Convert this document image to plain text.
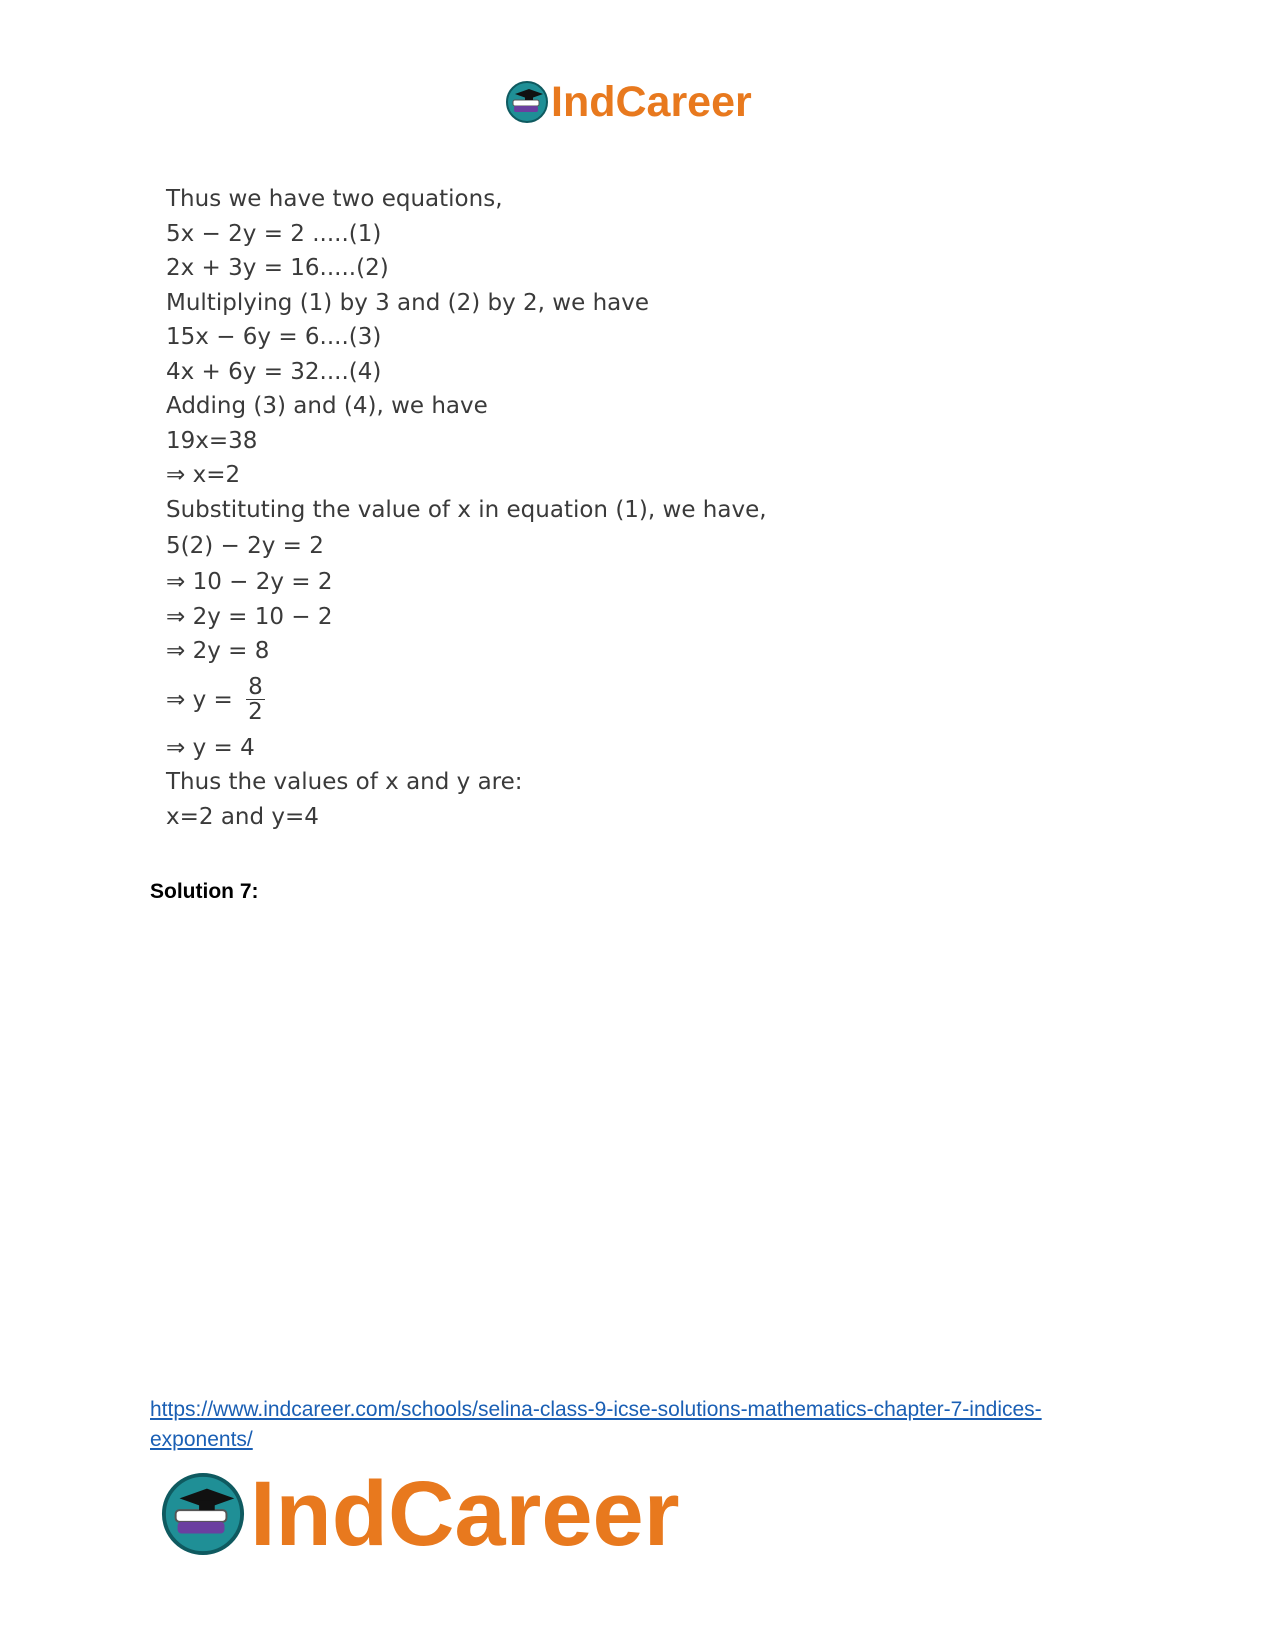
IndCareer
Thus we have two equations,
5x − 2y = 2 .....(1)
2x + 3y = 16.....(2)
Multiplying (1) by 3 and (2) by 2, we have
15x − 6y = 6....(3)
4x + 6y = 32....(4)
Adding (3) and (4), we have
19x=38
⇒ x=2
Substituting the value of x in equation (1), we have,
5(2) − 2y = 2
⇒ 10 − 2y = 2
⇒ 2y = 10 − 2
⇒ 2y = 8
⇒ $y = \frac{8}{2}$
⇒ y = 4
Thus the values of x and y are:
x=2 and y=4
Solution 7:
https://www.indcareer.com/schools/selina-class-9-icse-solutions-mathematics-chapter-7-indices-
exponents/
IndCareer
